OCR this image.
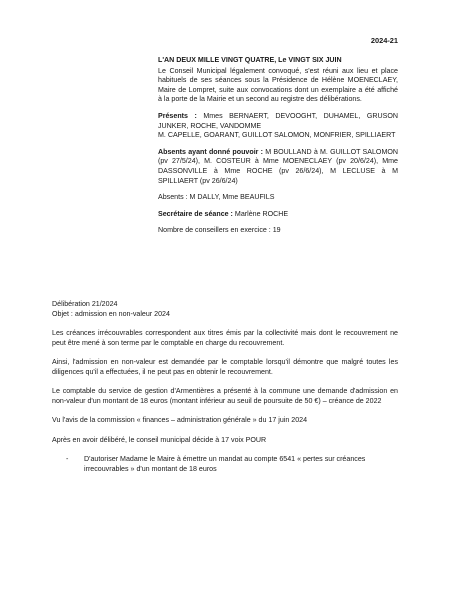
2024-21

L'AN DEUX MILLE VINGT QUATRE, Le VINGT SIX JUIN

Le Conseil Municipal légalement convoqué, s'est réuni aux lieu et place habituels de ses séances sous la Présidence de Hélène MOENECLAEY, Maire de Lompret, suite aux convocations dont un exemplaire a été affiché à la porte de la Mairie et un second au registre des délibérations.

Présents : Mmes BERNAERT, DEVOOGHT, DUHAMEL, GRUSON JUNKER, ROCHE, VANDOMME

M. CAPELLE, GOARANT, GUILLOT SALOMON, MONFRIER, SPILLIAERT

Absents ayant donné pouvoir : M BOULLAND à M. GUILLOT SALOMON (pv 27/5/24), M. COSTEUR à Mme MOENECLAEY (pv 20/6/24), Mme DASSONVILLE à Mme ROCHE (pv 26/6/24), M LECLUSE à M SPILLIAERT (pv 26/6/24)

Absents : M DALLY, Mme BEAUFILS

Secrétaire de séance : Marlène ROCHE

Nombre de conseillers en exercice : 19

Délibération 21/2024
Objet : admission en non-valeur 2024

Les créances irrécouvrables correspondent aux titres émis par la collectivité mais dont le recouvrement ne peut être mené à son terme par le comptable en charge du recouvrement.

Ainsi, l'admission en non-valeur est demandée par le comptable lorsqu'il démontre que malgré toutes les diligences qu'il a effectuées, il ne peut pas en obtenir le recouvrement.

Le comptable du service de gestion d'Armentières a présenté à la commune une demande d'admission en non-valeur d'un montant de 18 euros (montant inférieur au seuil de poursuite de 50 €) – créance de 2022

Vu l'avis de la commission « finances – administration générale » du 17 juin 2024

Après en avoir délibéré, le conseil municipal décide à 17 voix POUR

-	D'autoriser Madame le Maire à émettre un mandat au compte 6541 « pertes sur créances irrecouvrables » d'un montant de 18 euros
